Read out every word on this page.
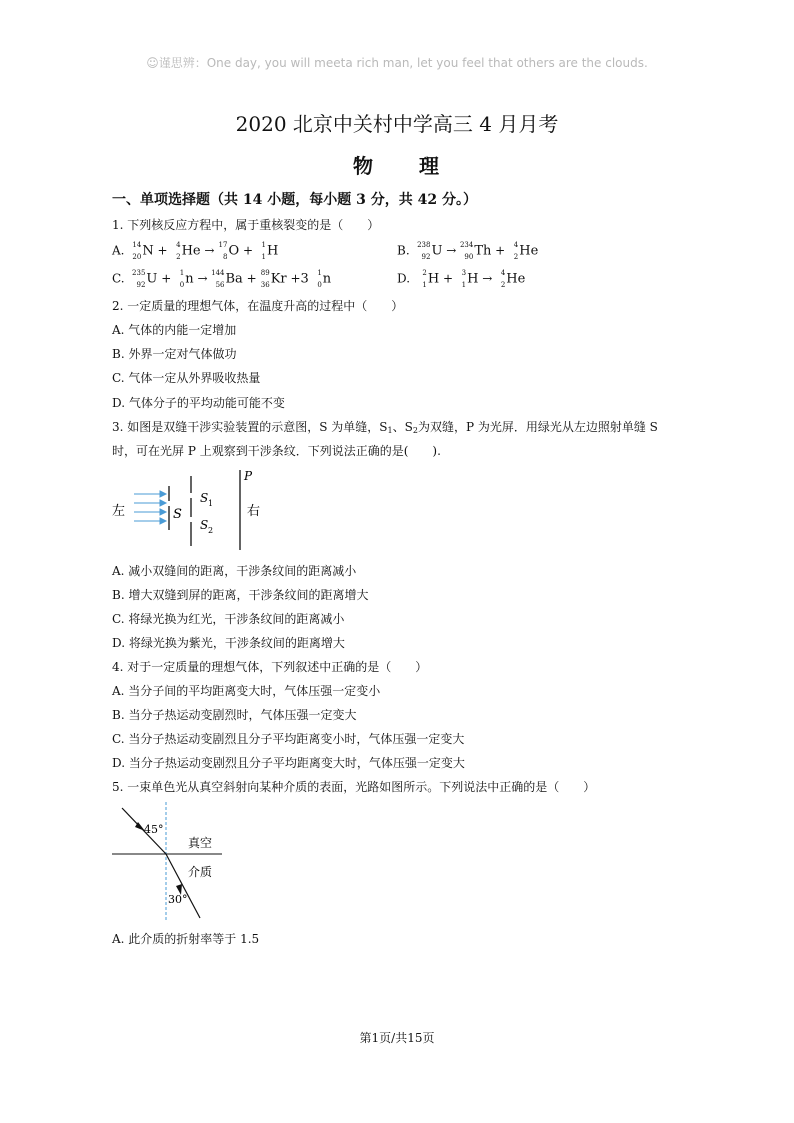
☺谨思辨：One day, you will meeta rich man, let you feel that others are the clouds.
2020 北京中关村中学高三 4 月月考
物 理
一、单项选择题（共 14 小题，每小题 3 分，共 42 分。）
1. 下列核反应方程中，属于重核裂变的是（　　）
A. 14
20 N + 4
2 He → 17
8 O + 1
1 H	B. 238
92 U → 234
90 Th + 4
2 He
C. 235
92 U + 1
0 n → 144
56 Ba + 89
36 Kr +3 1
0 n	D. 2
1 H + 3
1 H → 4
2 He
2. 一定质量的理想气体，在温度升高的过程中（　　）
A. 气体的内能一定增加
B. 外界一定对气体做功
C. 气体一定从外界吸收热量
D. 气体分子的平均动能可能不变
3. 如图是双缝干涉实验装置的示意图，S 为单缝，$S_1$、$S_2$为双缝，P 为光屏．用绿光从左边照射单缝 S
时，可在光屏 P 上观察到干涉条纹．下列说法正确的是(　　).
左	S
S 1
S 2
P
右
A. 减小双缝间的距离，干涉条纹间的距离减小
B. 增大双缝到屏的距离，干涉条纹间的距离增大
C. 将绿光换为红光，干涉条纹间的距离减小
D. 将绿光换为紫光，干涉条纹间的距离增大
4. 对于一定质量的理想气体，下列叙述中正确的是（　　）
A. 当分子间的平均距离变大时，气体压强一定变小
B. 当分子热运动变剧烈时，气体压强一定变大
C. 当分子热运动变剧烈且分子平均距离变小时，气体压强一定变大
D. 当分子热运动变剧烈且分子平均距离变大时，气体压强一定变大
5. 一束单色光从真空斜射向某种介质的表面，光路如图所示。下列说法中正确的是（　　）
45°
真空
介质
30°
A. 此介质的折射率等于 1.5
第1页/共15页
